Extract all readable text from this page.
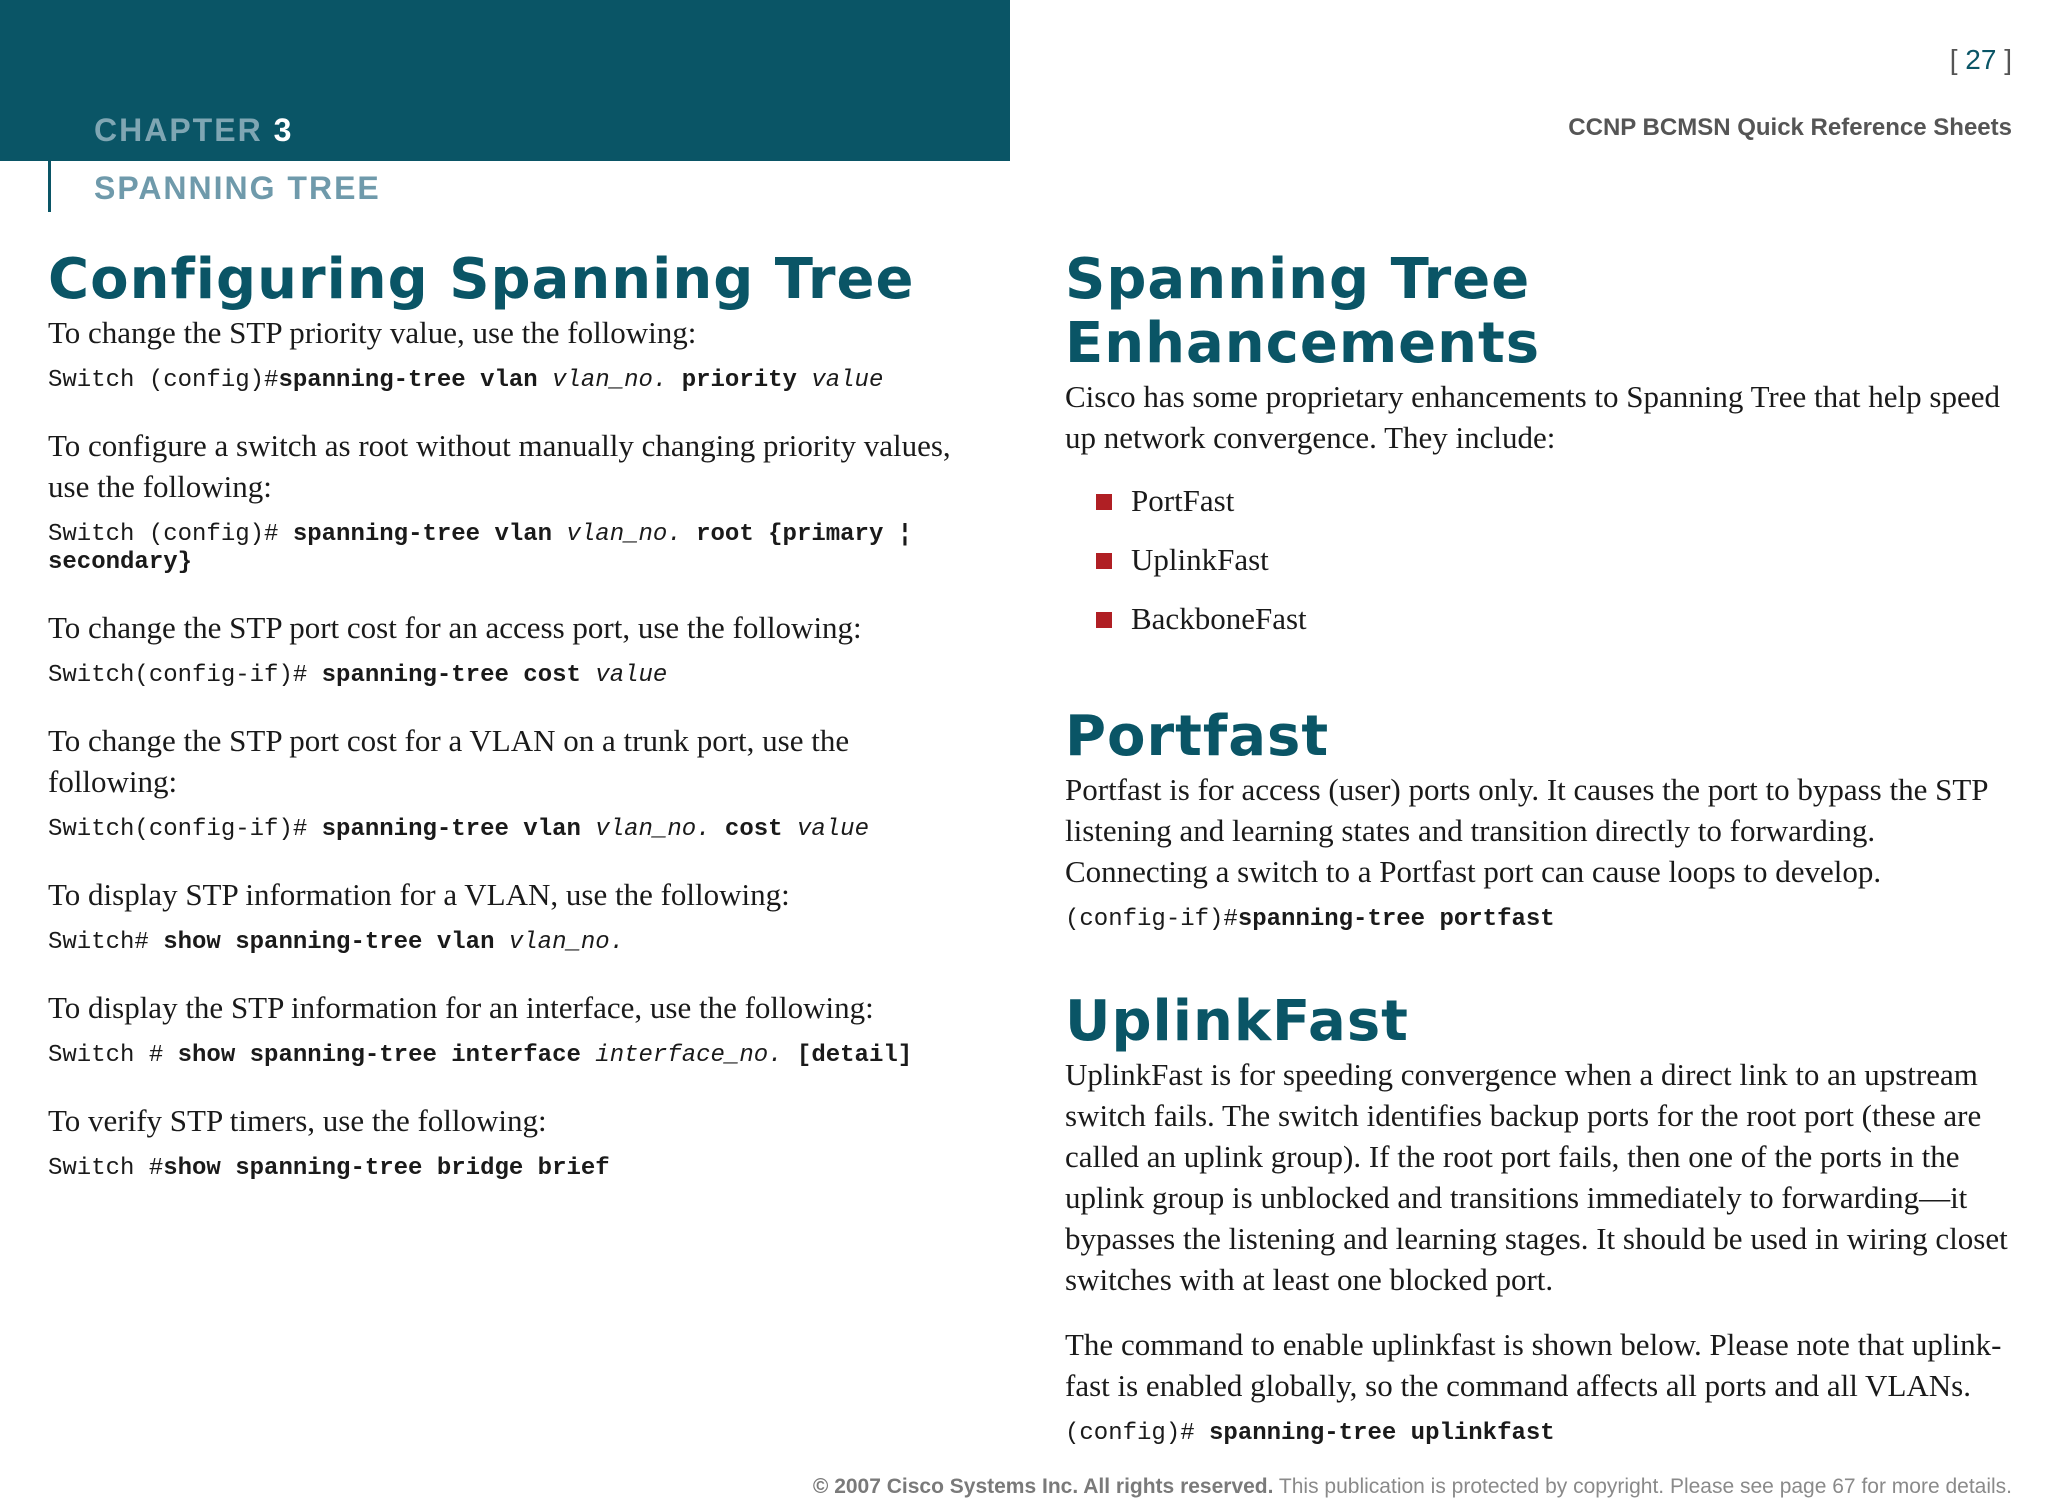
CHAPTER 3
SPANNING TREE
[ 27 ]
CCNP BCMSN Quick Reference Sheets
Configuring Spanning Tree

To change the STP priority value, use the following:

Switch (config)#spanning-tree vlan vlan_no. priority value

To configure a switch as root without manually changing priority values, use the following:

Switch (config)# spanning-tree vlan vlan_no. root {primary ¦ secondary}

To change the STP port cost for an access port, use the following:

Switch(config-if)# spanning-tree cost value

To change the STP port cost for a VLAN on a trunk port, use the following:

Switch(config-if)# spanning-tree vlan vlan_no. cost value

To display STP information for a VLAN, use the following:

Switch# show spanning-tree vlan vlan_no.

To display the STP information for an interface, use the following:

Switch # show spanning-tree interface interface_no. [detail]

To verify STP timers, use the following:

Switch #show spanning-tree bridge brief

Spanning Tree Enhancements

Cisco has some proprietary enhancements to Spanning Tree that help speed up network convergence. They include:

PortFast
UplinkFast
BackboneFast
Portfast

Portfast is for access (user) ports only. It causes the port to bypass the STP listening and learning states and transition directly to forwarding. Connecting a switch to a Portfast port can cause loops to develop.

(config-if)#spanning-tree portfast

UplinkFast

UplinkFast is for speeding convergence when a direct link to an upstream switch fails. The switch identifies backup ports for the root port (these are called an uplink group). If the root port fails, then one of the ports in the uplink group is unblocked and transitions immediately to forwarding—it bypasses the listening and learning stages. It should be used in wiring closet switches with at least one blocked port.

The command to enable uplinkfast is shown below. Please note that uplink-fast is enabled globally, so the command affects all ports and all VLANs.

(config)# spanning-tree uplinkfast

© 2007 Cisco Systems Inc. All rights reserved. This publication is protected by copyright. Please see page 67 for more details.
